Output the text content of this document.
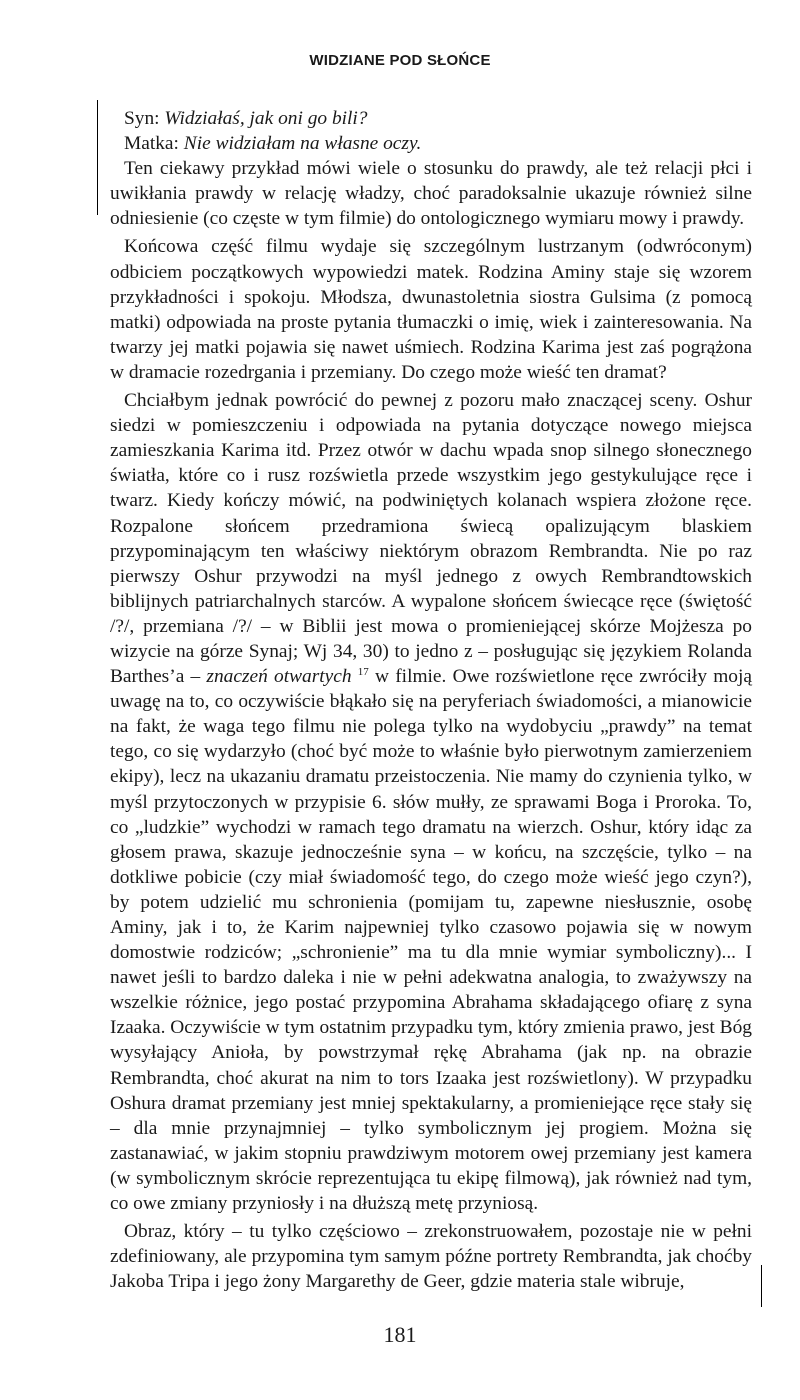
WIDZIANE POD SŁOŃCE

Syn: Widziałaś, jak oni go bili?

Matka: Nie widziałam na własne oczy.

Ten ciekawy przykład mówi wiele o stosunku do prawdy, ale też relacji płci i uwikłania prawdy w relację władzy, choć paradoksalnie ukazuje również silne odniesienie (co częste w tym filmie) do ontologicznego wymiaru mowy i prawdy.

Końcowa część filmu wydaje się szczególnym lustrzanym (odwróconym) odbiciem początkowych wypowiedzi matek. Rodzina Aminy staje się wzorem przykładności i spokoju. Młodsza, dwunastoletnia siostra Gulsima (z pomocą matki) odpowiada na proste pytania tłumaczki o imię, wiek i zainteresowania. Na twarzy jej matki pojawia się nawet uśmiech. Rodzina Karima jest zaś pogrążona w dramacie rozedrgania i przemiany. Do czego może wieść ten dramat?

Chciałbym jednak powrócić do pewnej z pozoru mało znaczącej sceny. Oshur siedzi w pomieszczeniu i odpowiada na pytania dotyczące nowego miejsca zamieszkania Karima itd. Przez otwór w dachu wpada snop silnego słonecznego światła, które co i rusz rozświetla przede wszystkim jego gestykulujące ręce i twarz. Kiedy kończy mówić, na podwiniętych kolanach wspiera złożone ręce. Rozpalone słońcem przedramiona świecą opalizującym blaskiem przypominającym ten właściwy niektórym obrazom Rembrandta. Nie po raz pierwszy Oshur przywodzi na myśl jednego z owych Rembrandtowskich biblijnych patriarchalnych starców. A wypalone słońcem świecące ręce (świętość /?/, przemiana /?/ – w Biblii jest mowa o promieniejącej skórze Mojżesza po wizycie na górze Synaj; Wj 34, 30) to jedno z – posługując się językiem Rolanda Barthes’a – znaczeń otwartych $^{17}$ w filmie. Owe rozświetlone ręce zwróciły moją uwagę na to, co oczywiście błąkało się na peryferiach świadomości, a mianowicie na fakt, że waga tego filmu nie polega tylko na wydobyciu „prawdy” na temat tego, co się wydarzyło (choć być może to właśnie było pierwotnym zamierzeniem ekipy), lecz na ukazaniu dramatu przeistoczenia. Nie mamy do czynienia tylko, w myśl przytoczonych w przypisie 6. słów mułły, ze sprawami Boga i Proroka. To, co „ludzkie” wychodzi w ramach tego dramatu na wierzch. Oshur, który idąc za głosem prawa, skazuje jednocześnie syna – w końcu, na szczęście, tylko – na dotkliwe pobicie (czy miał świadomość tego, do czego może wieść jego czyn?), by potem udzielić mu schronienia (pomijam tu, zapewne niesłusznie, osobę Aminy, jak i to, że Karim najpewniej tylko czasowo pojawia się w nowym domostwie rodziców; „schronienie” ma tu dla mnie wymiar symboliczny)... I nawet jeśli to bardzo daleka i nie w pełni adekwatna analogia, to zważywszy na wszelkie różnice, jego postać przypomina Abrahama składającego ofiarę z syna Izaaka. Oczywiście w tym ostatnim przypadku tym, który zmienia prawo, jest Bóg wysyłający Anioła, by powstrzymał rękę Abrahama (jak np. na obrazie Rembrandta, choć akurat na nim to tors Izaaka jest rozświetlony). W przypadku Oshura dramat przemiany jest mniej spektakularny, a promieniejące ręce stały się – dla mnie przynajmniej – tylko symbolicznym jej progiem. Można się zastanawiać, w jakim stopniu prawdziwym motorem owej przemiany jest kamera (w symbolicznym skrócie reprezentująca tu ekipę filmową), jak również nad tym, co owe zmiany przyniosły i na dłuższą metę przyniosą.

Obraz, który – tu tylko częściowo – zrekonstruowałem, pozostaje nie w pełni zdefiniowany, ale przypomina tym samym późne portrety Rembrandta, jak choćby Jakoba Tripa i jego żony Margarethy de Geer, gdzie materia stale wibruje,

181
